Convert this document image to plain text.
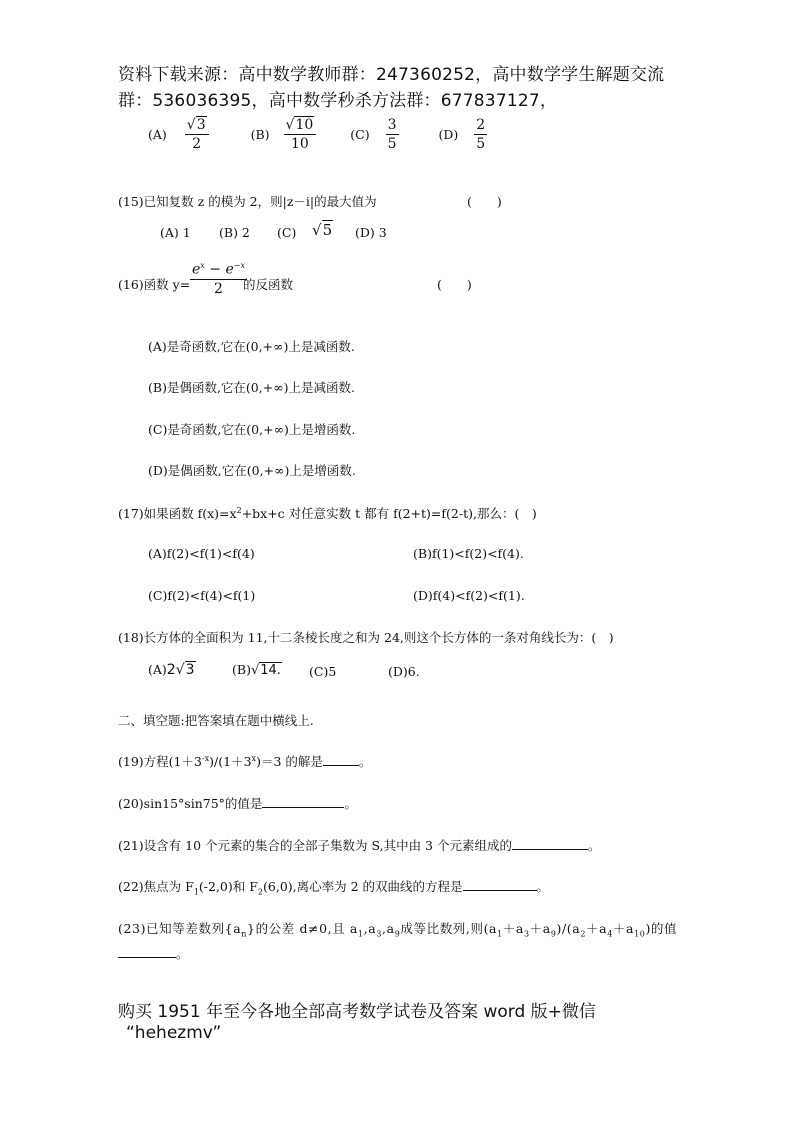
资料下载来源：高中数学教师群：247360252，高中数学学生解题交流
群：536036395，高中数学秒杀方法群：677837127，
$(A) \frac{√3}{2}$	$(B) \frac{√10}{10}$	$(C) \frac{3}{5}$	$(D) \frac{2}{5}$
(15)已知复数 z 的模为 2，则|z－i|的最大值为	(　　)
(A) 1 (B) 2 (C) √5 (D) 3
(16)函数 $y= \frac{e^x - e^{-x}}{2}$
的反函数	(　　)
(A)是奇函数,它在(0,+∞)上是减函数.
(B)是偶函数,它在(0,+∞)上是减函数.
(C)是奇函数,它在(0,+∞)上是增函数.
(D)是偶函数,它在(0,+∞)上是增函数.
(17)如果函数 $f(x)=x^2+bx+c$ 对任意实数 t 都有 f(2+t)=f(2-t),那么：(　)
(A)f(2)<f(1)<f(4)	(B)f(1)<f(2)<f(4).
(C)f(2)<f(4)<f(1)	(D)f(4)<f(2)<f(1).
(18)长方体的全面积为 11,十二条棱长度之和为 24,则这个长方体的一条对角线长为：(　)
(A)2√3	(B)√14. (C)5	(D)6.
二、填空题:把答案填在题中横线上.
(19)方程$(1+3^{-x})/(1+3^x)=3$ 的解是	。
(20)sin15°sin75°的值是	。
(21)设含有 10 个元素的集合的全部子集数为 S,其中由 3 个元素组成的	。
(22)焦点为 $F_1(-2,0)$和 $F_2(6,0)$,离心率为 2 的双曲线的方程是	。
(23)已知等差数列$\{a_n\}$的公差 d≠0,且 $a_1,a_3,a_9$成等比数列,则$(a_1+a_3+a_9)/(a_2+a_4+a_{10})$的值
。
购买 1951 年至今各地全部高考数学试卷及答案 word 版+微信
“hehezmv”
